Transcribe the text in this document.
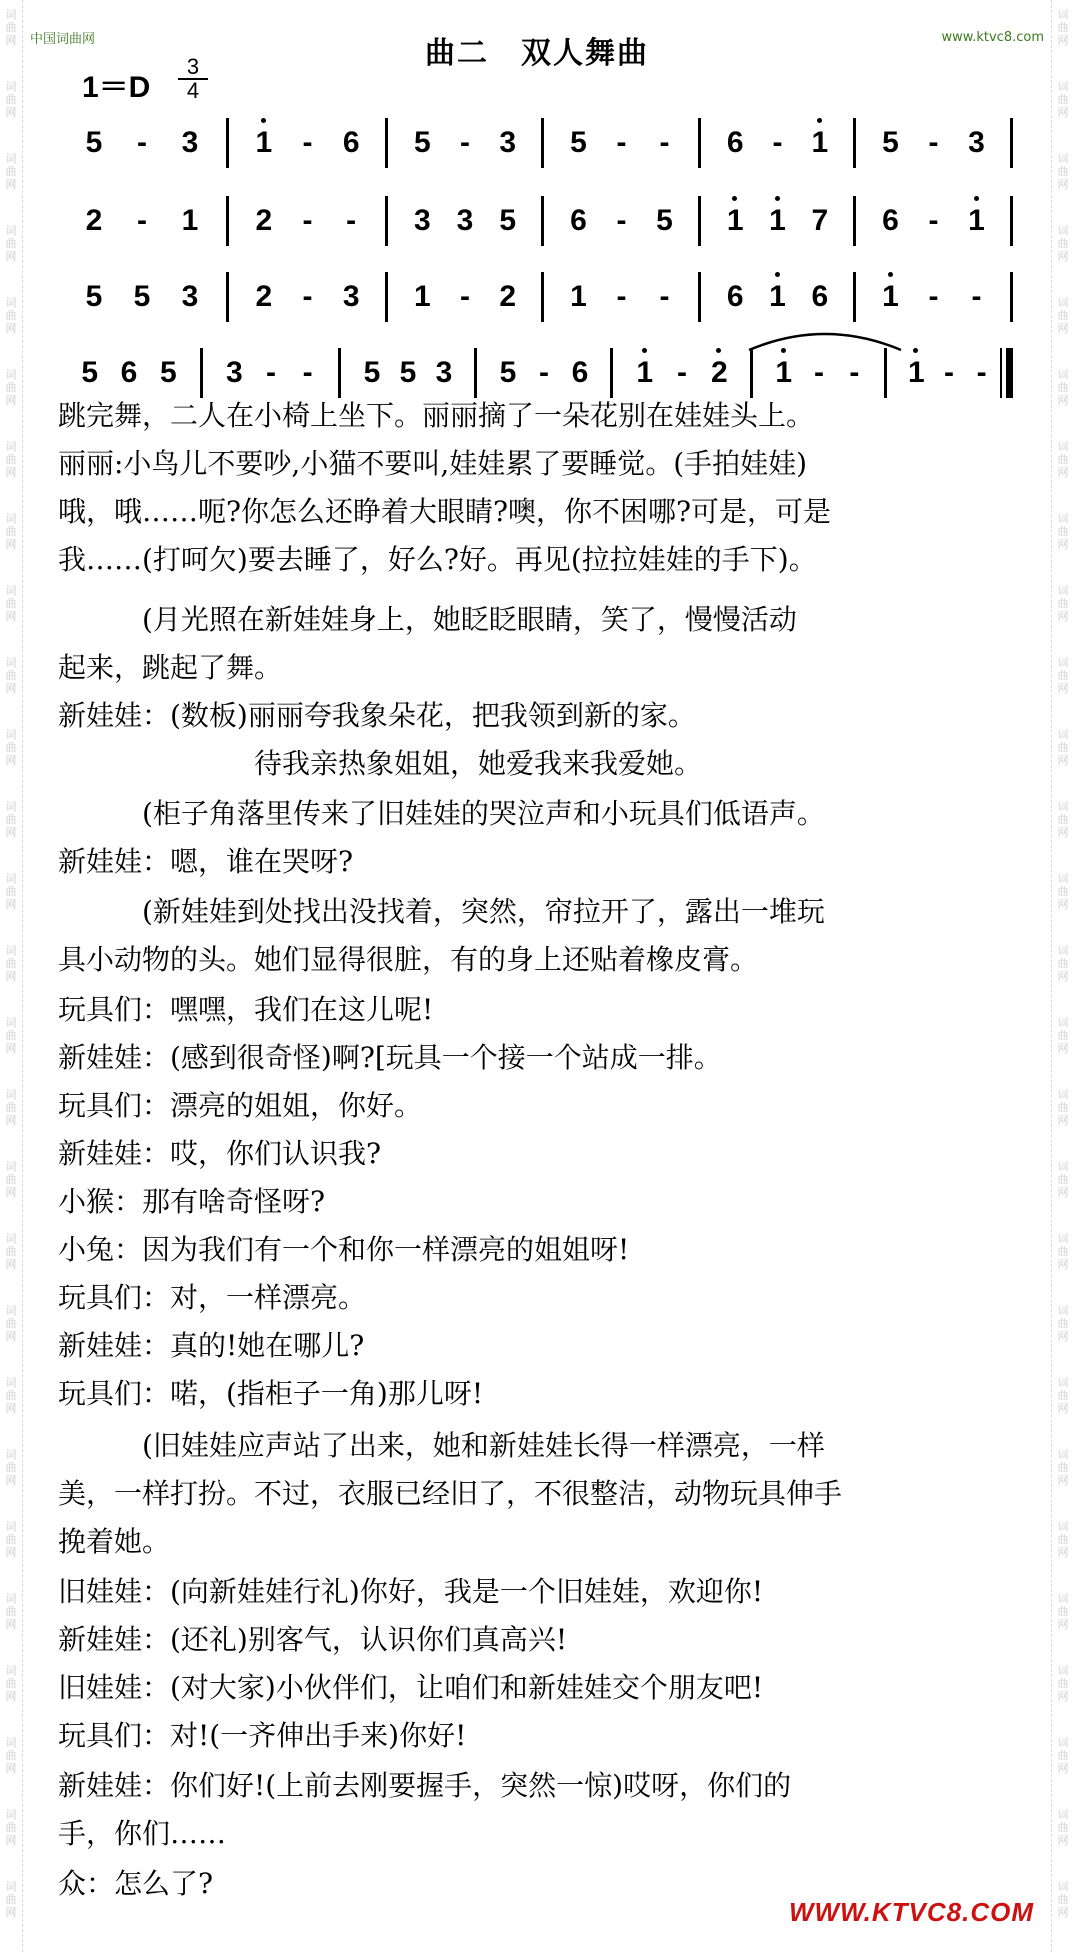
词曲网
词曲网
词曲网
词曲网
词曲网
词曲网
词曲网
词曲网
词曲网
词曲网
词曲网
词曲网
词曲网
词曲网
词曲网
词曲网
词曲网
词曲网
词曲网
词曲网
词曲网
词曲网
词曲网
词曲网
词曲网
词曲网
词曲网
词曲网
词曲网
词曲网
词曲网
词曲网
词曲网
词曲网
词曲网
词曲网
词曲网
词曲网
词曲网
词曲网
词曲网
词曲网
词曲网
词曲网
词曲网
词曲网
词曲网
词曲网
词曲网
词曲网
词曲网
词曲网
词曲网
词曲网
中国词曲网	www.ktvc8.com
曲二　双人舞曲
$1=D \frac{3}{4}$
5	-	3 1	-	6 5 - 3 5 -	-	6 - 1 5 - 3
2	-	1 2	-	-	3 3 5 6 - 5 1 1 7 6 - 1
5 5 3 2	-	3 1 - 2 1 -	-	6 1 6 1 -	-
5 6 5 3 - -	5 5 3 5 - 6 1 - 2 1 - -	1 - -
跳完舞，二人在小椅上坐下。丽丽摘了一朵花别在娃娃头上。
丽丽:小鸟儿不要吵,小猫不要叫,娃娃累了要睡觉。(手拍娃娃)
哦，哦……呃?你怎么还睁着大眼睛?噢，你不困哪?可是，可是
我……(打呵欠)要去睡了，好么?好。再见(拉拉娃娃的手下)。
　　　(月光照在新娃娃身上，她眨眨眼睛，笑了，慢慢活动
起来，跳起了舞。
新娃娃：(数板)丽丽夸我象朵花，把我领到新的家。
　　　　　　　待我亲热象姐姐，她爱我来我爱她。
　　　(柜子角落里传来了旧娃娃的哭泣声和小玩具们低语声。
新娃娃：嗯，谁在哭呀?
　　　(新娃娃到处找出没找着，突然，帘拉开了，露出一堆玩
具小动物的头。她们显得很脏，有的身上还贴着橡皮膏。
玩具们：嘿嘿，我们在这儿呢!
新娃娃：(感到很奇怪)啊?[玩具一个接一个站成一排。
玩具们：漂亮的姐姐，你好。
新娃娃：哎，你们认识我?
小猴：那有啥奇怪呀?
小兔：因为我们有一个和你一样漂亮的姐姐呀!
玩具们：对，一样漂亮。
新娃娃：真的!她在哪儿?
玩具们：喏，(指柜子一角)那儿呀!
　　　(旧娃娃应声站了出来，她和新娃娃长得一样漂亮，一样
美，一样打扮。不过，衣服已经旧了，不很整洁，动物玩具伸手
挽着她。
旧娃娃：(向新娃娃行礼)你好，我是一个旧娃娃，欢迎你!
新娃娃：(还礼)别客气，认识你们真高兴!
旧娃娃：(对大家)小伙伴们，让咱们和新娃娃交个朋友吧!
玩具们：对!(一齐伸出手来)你好!
新娃娃：你们好!(上前去刚要握手，突然一惊)哎呀，你们的
手，你们……
众：怎么了?
WWW.KTVC8.COM
